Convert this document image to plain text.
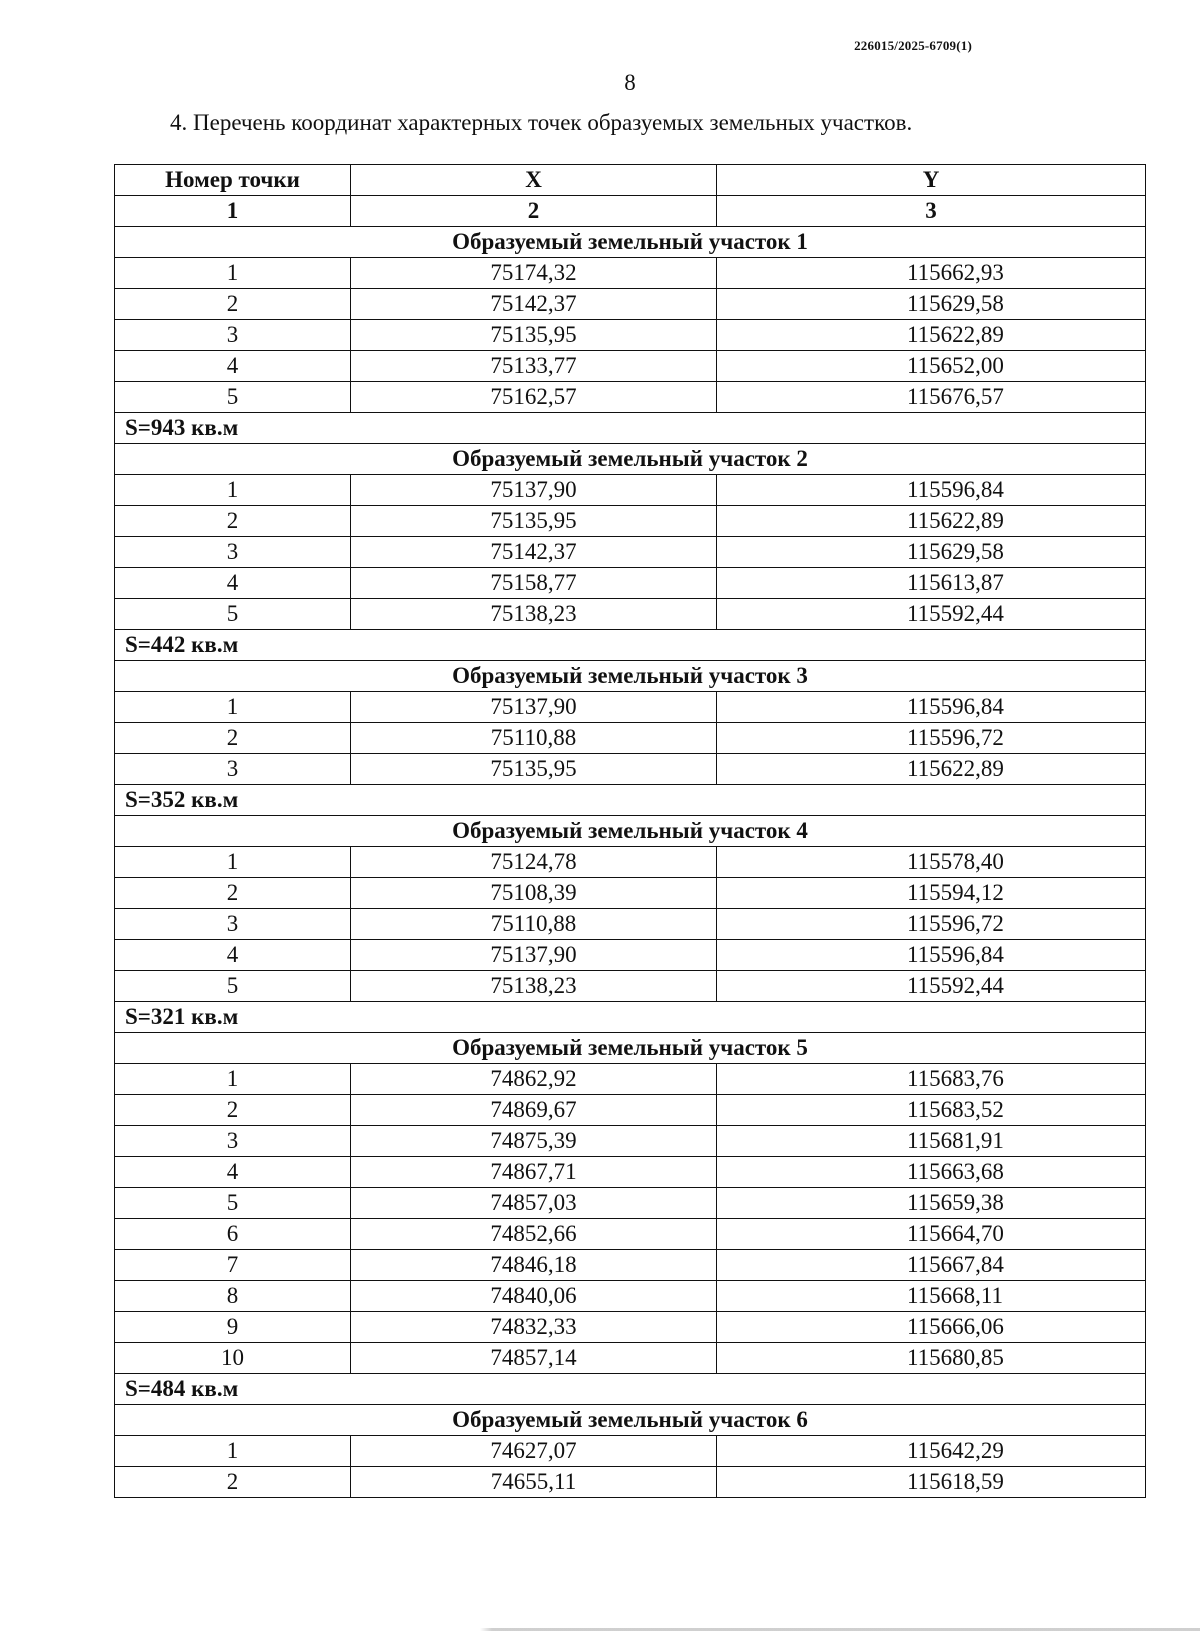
226015/2025-6709(1)
8
4. Перечень координат характерных точек образуемых земельных участков.
Номер точки	X	Y
1	2	3
Образуемый земельный участок 1		
1	75174,32	115662,93
2	75142,37	115629,58
3	75135,95	115622,89
4	75133,77	115652,00
5	75162,57	115676,57
S=943 кв.м		
Образуемый земельный участок 2		
1	75137,90	115596,84
2	75135,95	115622,89
3	75142,37	115629,58
4	75158,77	115613,87
5	75138,23	115592,44
S=442 кв.м		
Образуемый земельный участок 3		
1	75137,90	115596,84
2	75110,88	115596,72
3	75135,95	115622,89
S=352 кв.м		
Образуемый земельный участок 4		
1	75124,78	115578,40
2	75108,39	115594,12
3	75110,88	115596,72
4	75137,90	115596,84
5	75138,23	115592,44
S=321 кв.м		
Образуемый земельный участок 5		
1	74862,92	115683,76
2	74869,67	115683,52
3	74875,39	115681,91
4	74867,71	115663,68
5	74857,03	115659,38
6	74852,66	115664,70
7	74846,18	115667,84
8	74840,06	115668,11
9	74832,33	115666,06
10	74857,14	115680,85
S=484 кв.м		
Образуемый земельный участок 6		
1	74627,07	115642,29
2	74655,11	115618,59
